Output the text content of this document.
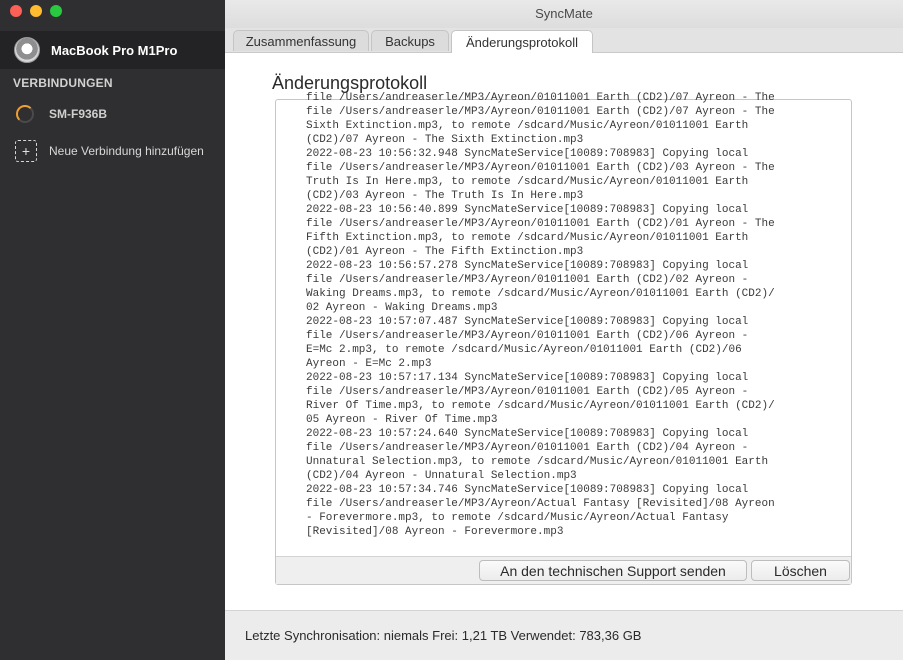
MacBook Pro M1Pro
VERBINDUNGEN
SM-F936B
+	Neue Verbindung hinzufügen
SyncMate
Zusammenfassung	Backups	Änderungsprotokoll
Änderungsprotokoll
file /Users/andreaserle/MP3/Ayreon/01011001 Earth (CD2)/07 Ayreon - The
file /Users/andreaserle/MP3/Ayreon/01011001 Earth (CD2)/07 Ayreon - The
Sixth Extinction.mp3, to remote /sdcard/Music/Ayreon/01011001 Earth
(CD2)/07 Ayreon - The Sixth Extinction.mp3
2022-08-23 10:56:32.948 SyncMateService[10089:708983] Copying local
file /Users/andreaserle/MP3/Ayreon/01011001 Earth (CD2)/03 Ayreon - The
Truth Is In Here.mp3, to remote /sdcard/Music/Ayreon/01011001 Earth
(CD2)/03 Ayreon - The Truth Is In Here.mp3
2022-08-23 10:56:40.899 SyncMateService[10089:708983] Copying local
file /Users/andreaserle/MP3/Ayreon/01011001 Earth (CD2)/01 Ayreon - The
Fifth Extinction.mp3, to remote /sdcard/Music/Ayreon/01011001 Earth
(CD2)/01 Ayreon - The Fifth Extinction.mp3
2022-08-23 10:56:57.278 SyncMateService[10089:708983] Copying local
file /Users/andreaserle/MP3/Ayreon/01011001 Earth (CD2)/02 Ayreon -
Waking Dreams.mp3, to remote /sdcard/Music/Ayreon/01011001 Earth (CD2)/
02 Ayreon - Waking Dreams.mp3
2022-08-23 10:57:07.487 SyncMateService[10089:708983] Copying local
file /Users/andreaserle/MP3/Ayreon/01011001 Earth (CD2)/06 Ayreon -
E=Mc 2.mp3, to remote /sdcard/Music/Ayreon/01011001 Earth (CD2)/06
Ayreon - E=Mc 2.mp3
2022-08-23 10:57:17.134 SyncMateService[10089:708983] Copying local
file /Users/andreaserle/MP3/Ayreon/01011001 Earth (CD2)/05 Ayreon -
River Of Time.mp3, to remote /sdcard/Music/Ayreon/01011001 Earth (CD2)/
05 Ayreon - River Of Time.mp3
2022-08-23 10:57:24.640 SyncMateService[10089:708983] Copying local
file /Users/andreaserle/MP3/Ayreon/01011001 Earth (CD2)/04 Ayreon -
Unnatural Selection.mp3, to remote /sdcard/Music/Ayreon/01011001 Earth
(CD2)/04 Ayreon - Unnatural Selection.mp3
2022-08-23 10:57:34.746 SyncMateService[10089:708983] Copying local
file /Users/andreaserle/MP3/Ayreon/Actual Fantasy [Revisited]/08 Ayreon
- Forevermore.mp3, to remote /sdcard/Music/Ayreon/Actual Fantasy
[Revisited]/08 Ayreon - Forevermore.mp3
An den technischen Support senden	Löschen
Letzte Synchronisation: niemals Frei: 1,21 TB Verwendet: 783,36 GB
